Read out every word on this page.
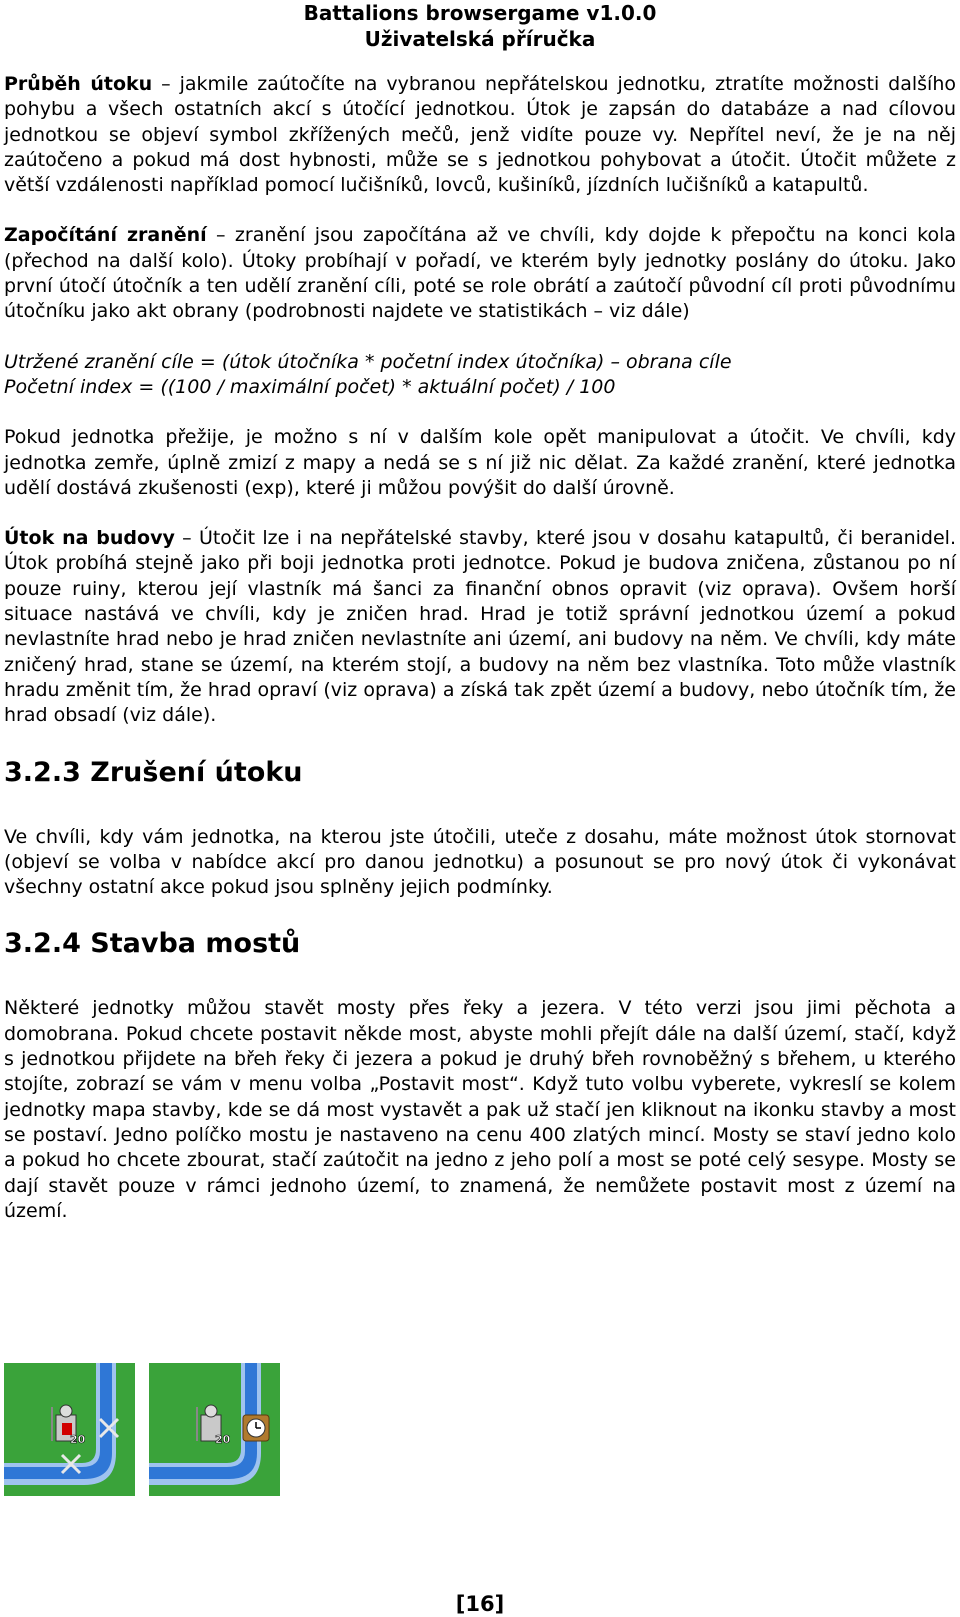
Battalions browsergame v1.0.0
Uživatelská příručka

Průběh útoku – jakmile zaútočíte na vybranou nepřátelskou jednotku, ztratíte možnosti dalšího pohybu a všech ostatních akcí s útočící jednotkou. Útok je zapsán do databáze a nad cílovou jednotkou se objeví symbol zkřížených mečů, jenž vidíte pouze vy. Nepřítel neví, že je na něj zaútočeno a pokud má dost hybnosti, může se s jednotkou pohybovat a útočit. Útočit můžete z větší vzdálenosti například pomocí lučišníků, lovců, kušiníků, jízdních lučišníků a katapultů.

Započítání zranění – zranění jsou započítána až ve chvíli, kdy dojde k přepočtu na konci kola (přechod na další kolo). Útoky probíhají v pořadí, ve kterém byly jednotky poslány do útoku. Jako první útočí útočník a ten udělí zranění cíli, poté se role obrátí a zaútočí původní cíl proti původnímu útočníku jako akt obrany (podrobnosti najdete ve statistikách – viz dále)

Utržené zranění cíle = (útok útočníka * početní index útočníka) – obrana cíle

Početní index = ((100 / maximální počet) * aktuální počet) / 100

Pokud jednotka přežije, je možno s ní v dalším kole opět manipulovat a útočit. Ve chvíli, kdy jednotka zemře, úplně zmizí z mapy a nedá se s ní již nic dělat. Za každé zranění, které jednotka udělí dostává zkušenosti (exp), které ji můžou povýšit do další úrovně.

Útok na budovy – Útočit lze i na nepřátelské stavby, které jsou v dosahu katapultů, či beranidel. Útok probíhá stejně jako při boji jednotka proti jednotce. Pokud je budova zničena, zůstanou po ní pouze ruiny, kterou její vlastník má šanci za finanční obnos opravit (viz oprava). Ovšem horší situace nastává ve chvíli, kdy je zničen hrad. Hrad je totiž správní jednotkou území a pokud nevlastníte hrad nebo je hrad zničen nevlastníte ani území, ani budovy na něm. Ve chvíli, kdy máte zničený hrad, stane se území, na kterém stojí, a budovy na něm bez vlastníka. Toto může vlastník hradu změnit tím, že hrad opraví (viz oprava) a získá tak zpět území a budovy, nebo útočník tím, že hrad obsadí (viz dále).

3.2.3 Zrušení útoku

Ve chvíli, kdy vám jednotka, na kterou jste útočili, uteče z dosahu, máte možnost útok stornovat (objeví se volba v nabídce akcí pro danou jednotku) a posunout se pro nový útok či vykonávat všechny ostatní akce pokud jsou splněny jejich podmínky.

3.2.4 Stavba mostů

Některé jednotky můžou stavět mosty přes řeky a jezera. V této verzi jsou jimi pěchota a domobrana. Pokud chcete postavit někde most, abyste mohli přejít dále na další území, stačí, když s jednotkou přijdete na břeh řeky či jezera a pokud je druhý břeh rovnoběžný s břehem, u kterého stojíte, zobrazí se vám v menu volba „Postavit most“. Když tuto volbu vyberete, vykreslí se kolem jednotky mapa stavby, kde se dá most vystavět a pak už stačí jen kliknout na ikonku stavby a most se postaví. Jedno políčko mostu je nastaveno na cenu 400 zlatých mincí. Mosty se staví jedno kolo a pokud ho chcete zbourat, stačí zaútočit na jedno z jeho polí a most se poté celý sesype. Mosty se dají stavět pouze v rámci jednoho území, to znamená, že nemůžete postavit most z území na území.

20	20
[16]
